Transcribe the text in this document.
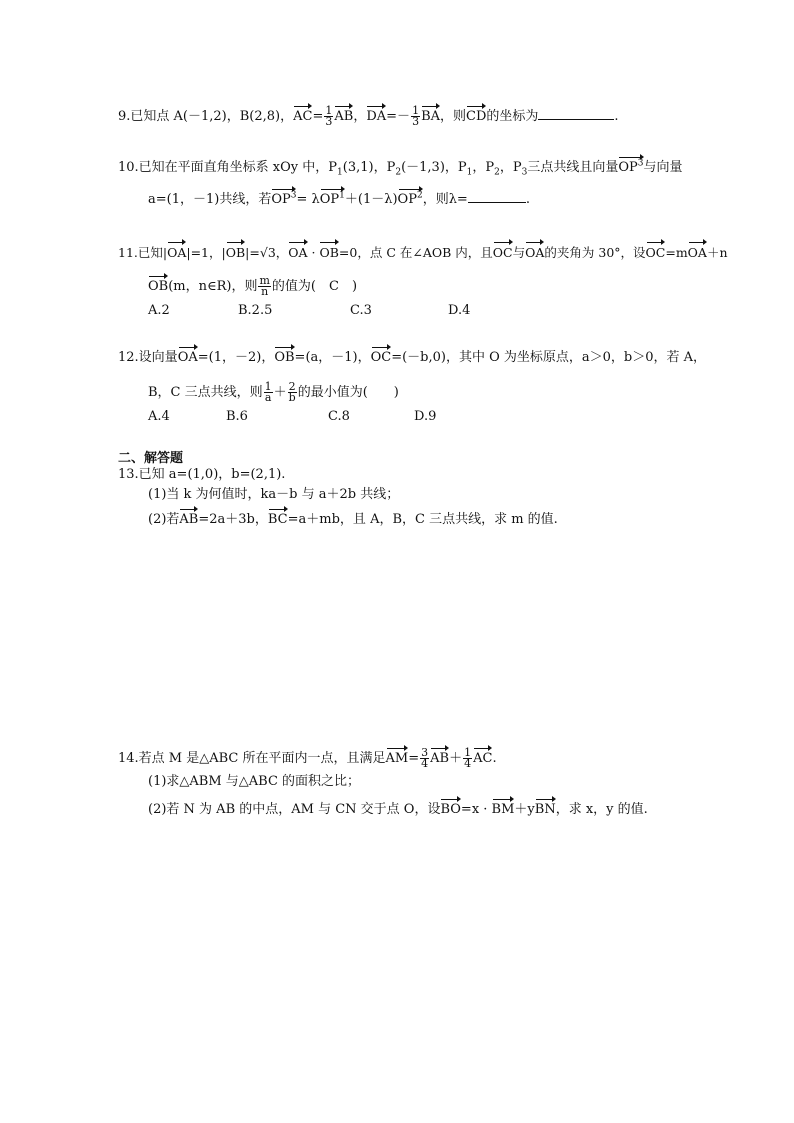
9.已知点 A(－1,2)，B(2,8)，$AC= \frac{1}{3}$ AB，$DA=- \frac{1}{3}$ BA，则CD的坐标为	.
10.已知在平面直角坐标系 xOy 中，$P_1(3,1)$，$P_2(-1,3)$，$P_1$，$P_2$，$P_3$三点共线且向量$OP^3$与向量
a=(1，－1)共线，若$OP^3= \lambda OP^1+(1-\lambda)OP^2$，则λ=	.
11.已知|OA|=1，|OB|=√3，OA · OB=0，点 C 在∠AOB 内，且OC与OA的夹角为 30°，设OC=mOA＋n
OB(m，n∈R)，则 $\frac{m}{n}$ 的值为(　C　)
A.2	B.2.5	C.3	D.4
12.设向量OA=(1，－2)，OB=(a，－1)，OC=(－b,0)，其中 O 为坐标原点，a＞0，b＞0，若 A，
B，C 三点共线，则 $\frac{1}{a} + \frac{2}{b}$ 的最小值为(　　)
A.4	B.6	C.8	D.9
二、解答题
13.已知 a=(1,0)，b=(2,1).
(1)当 k 为何值时，ka－b 与 a＋2b 共线；
(2)若AB=2a＋3b，BC=a＋mb，且 A，B，C 三点共线，求 m 的值.
14.若点 M 是△ABC 所在平面内一点，且满足$AM= \frac{3}{4} AB+ \frac{1}{4}$ AC.
(1)求△ABM 与△ABC 的面积之比；
(2)若 N 为 AB 的中点，AM 与 CN 交于点 O，设BO=x · BM＋yBN，求 x，y 的值.
